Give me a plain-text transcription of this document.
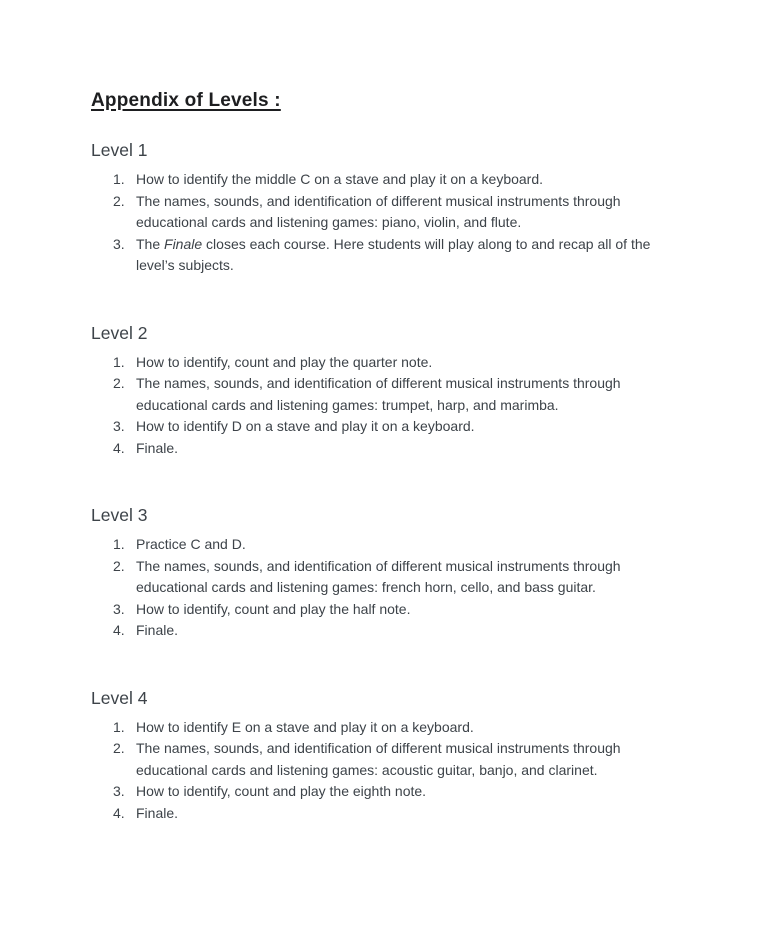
Appendix of Levels :
Level 1
1. How to identify the middle C on a stave and play it on a keyboard.
2. The names, sounds, and identification of different musical instruments through
educational cards and listening games: piano, violin, and flute.
3. The Finale closes each course. Here students will play along to and recap all of the
level’s subjects.
Level 2
1. How to identify, count and play the quarter note.
2. The names, sounds, and identification of different musical instruments through
educational cards and listening games: trumpet, harp, and marimba.
3. How to identify D on a stave and play it on a keyboard.
4. Finale.
Level 3
1. Practice C and D.
2. The names, sounds, and identification of different musical instruments through
educational cards and listening games: french horn, cello, and bass guitar.
3. How to identify, count and play the half note.
4. Finale.
Level 4
1. How to identify E on a stave and play it on a keyboard.
2. The names, sounds, and identification of different musical instruments through
educational cards and listening games: acoustic guitar, banjo, and clarinet.
3. How to identify, count and play the eighth note.
4. Finale.
